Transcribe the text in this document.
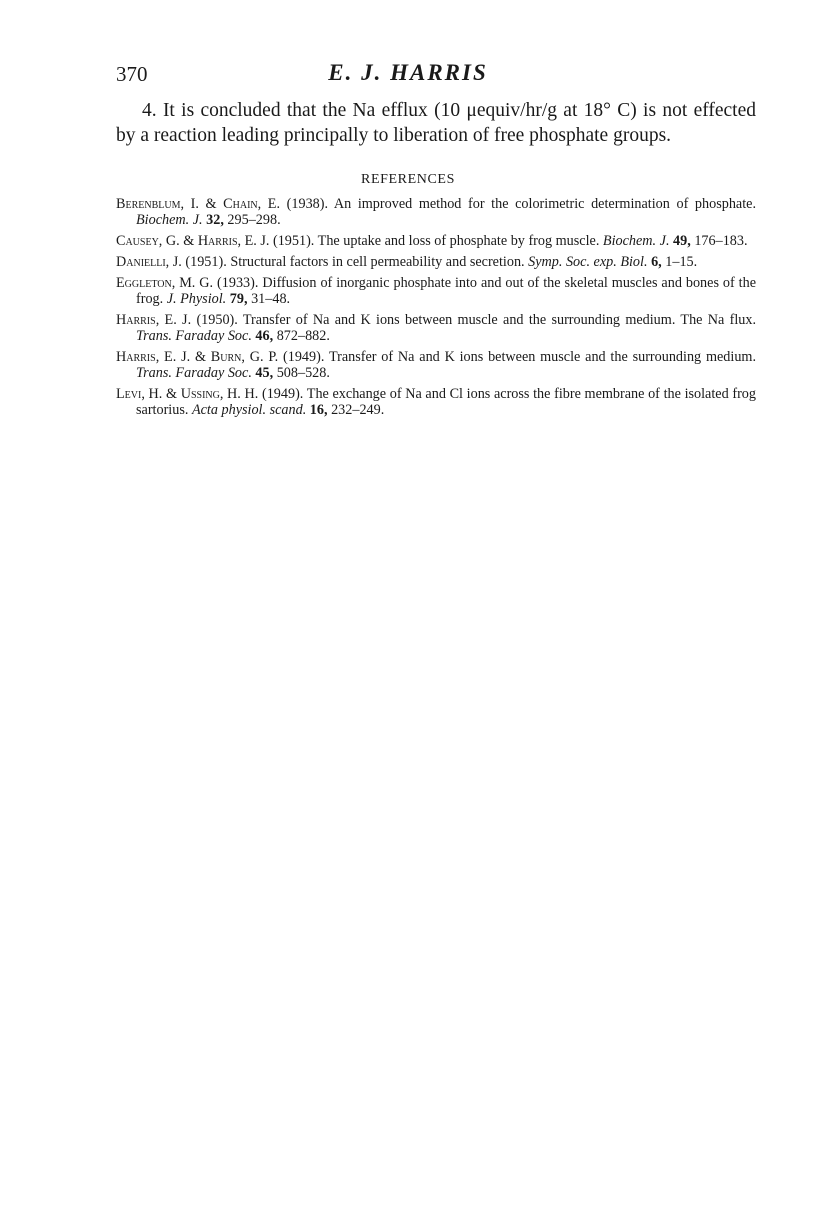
370	E. J. HARRIS

4. It is concluded that the Na efflux (10 μequiv/hr/g at 18° C) is not effected by a reaction leading principally to liberation of free phosphate groups.

REFERENCES
Berenblum, I. & Chain, E. (1938). An improved method for the colorimetric determination of phosphate. Biochem. J. 32, 295–298.
Causey, G. & Harris, E. J. (1951). The uptake and loss of phosphate by frog muscle. Biochem. J. 49, 176–183.
Danielli, J. (1951). Structural factors in cell permeability and secretion. Symp. Soc. exp. Biol. 6, 1–15.
Eggleton, M. G. (1933). Diffusion of inorganic phosphate into and out of the skeletal muscles and bones of the frog. J. Physiol. 79, 31–48.
Harris, E. J. (1950). Transfer of Na and K ions between muscle and the surrounding medium. The Na flux. Trans. Faraday Soc. 46, 872–882.
Harris, E. J. & Burn, G. P. (1949). Transfer of Na and K ions between muscle and the surrounding medium. Trans. Faraday Soc. 45, 508–528.
Levi, H. & Ussing, H. H. (1949). The exchange of Na and Cl ions across the fibre membrane of the isolated frog sartorius. Acta physiol. scand. 16, 232–249.
